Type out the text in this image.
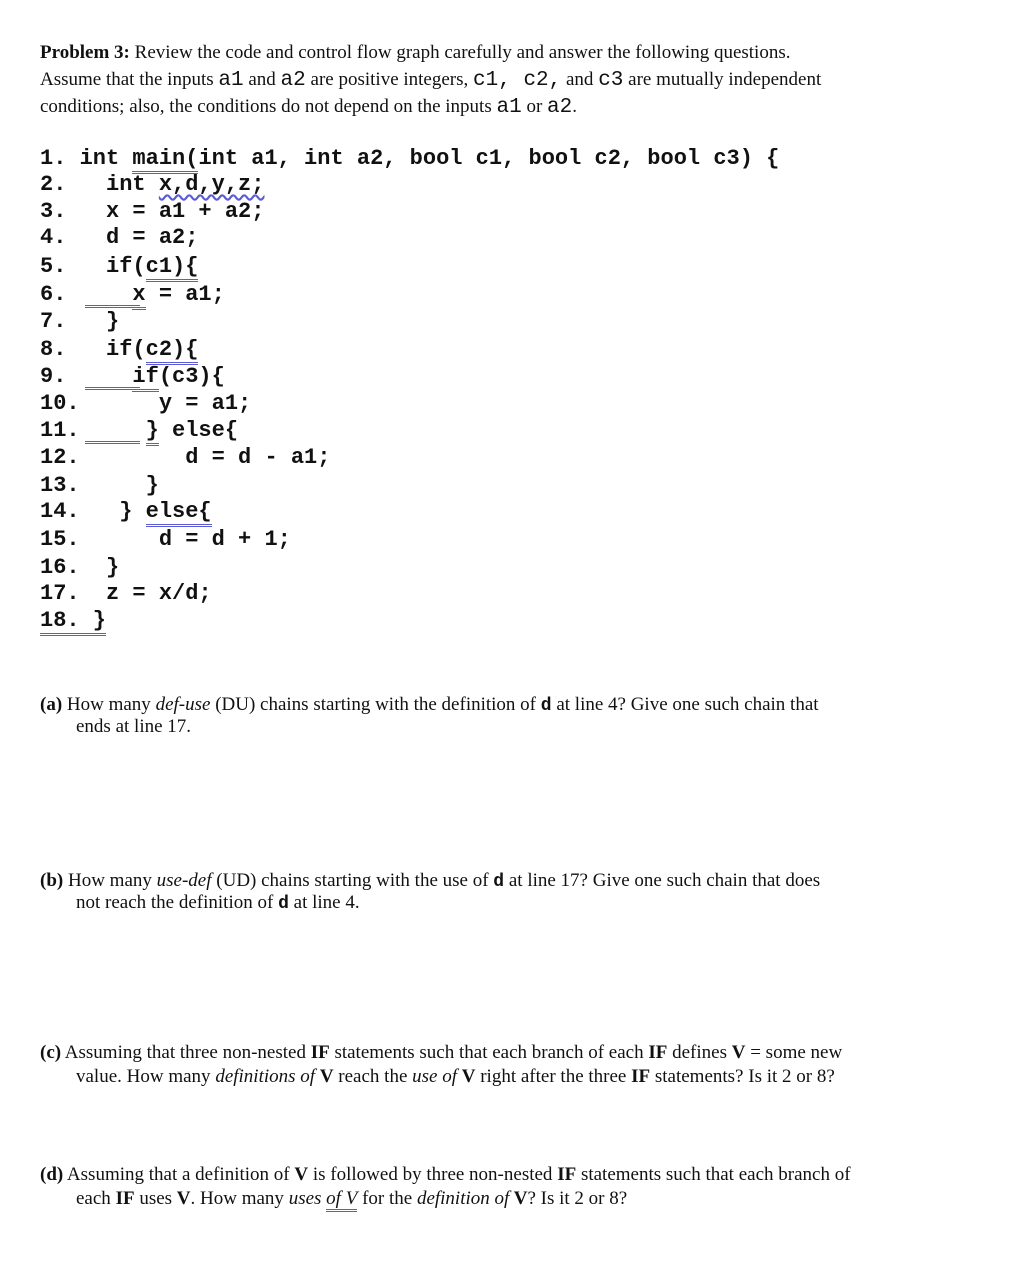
Problem 3: Review the code and control flow graph carefully and answer the following questions.
Assume that the inputs a1 and a2 are positive integers, c1, c2, and c3 are mutually independent
conditions; also, the conditions do not depend on the inputs a1 or a2.
1. int main(int a1, int a2, bool c1, bool c2, bool c3) {
2. int x,d,y,z;
3. x = a1 + a2;
4. d = a2;
5. if(c1){
6.	x = a1;
7. }
8. if(c2){
9.	if(c3){
10.	y = a1;
11.	} else{
12.	d = d - a1;
13.	}
14. } else{
15.	d = d + 1;
16. }
17. z = x/d;
18. }
(a) How many def-use (DU) chains starting with the definition of d at line 4? Give one such chain that
ends at line 17.
(b) How many use-def (UD) chains starting with the use of d at line 17? Give one such chain that does
not reach the definition of d at line 4.
(c) Assuming that three non-nested IF statements such that each branch of each IF defines V = some new
value. How many definitions of V reach the use of V right after the three IF statements? Is it 2 or 8?
(d) Assuming that a definition of V is followed by three non-nested IF statements such that each branch of
each IF uses V. How many uses of V for the definition of V? Is it 2 or 8?
